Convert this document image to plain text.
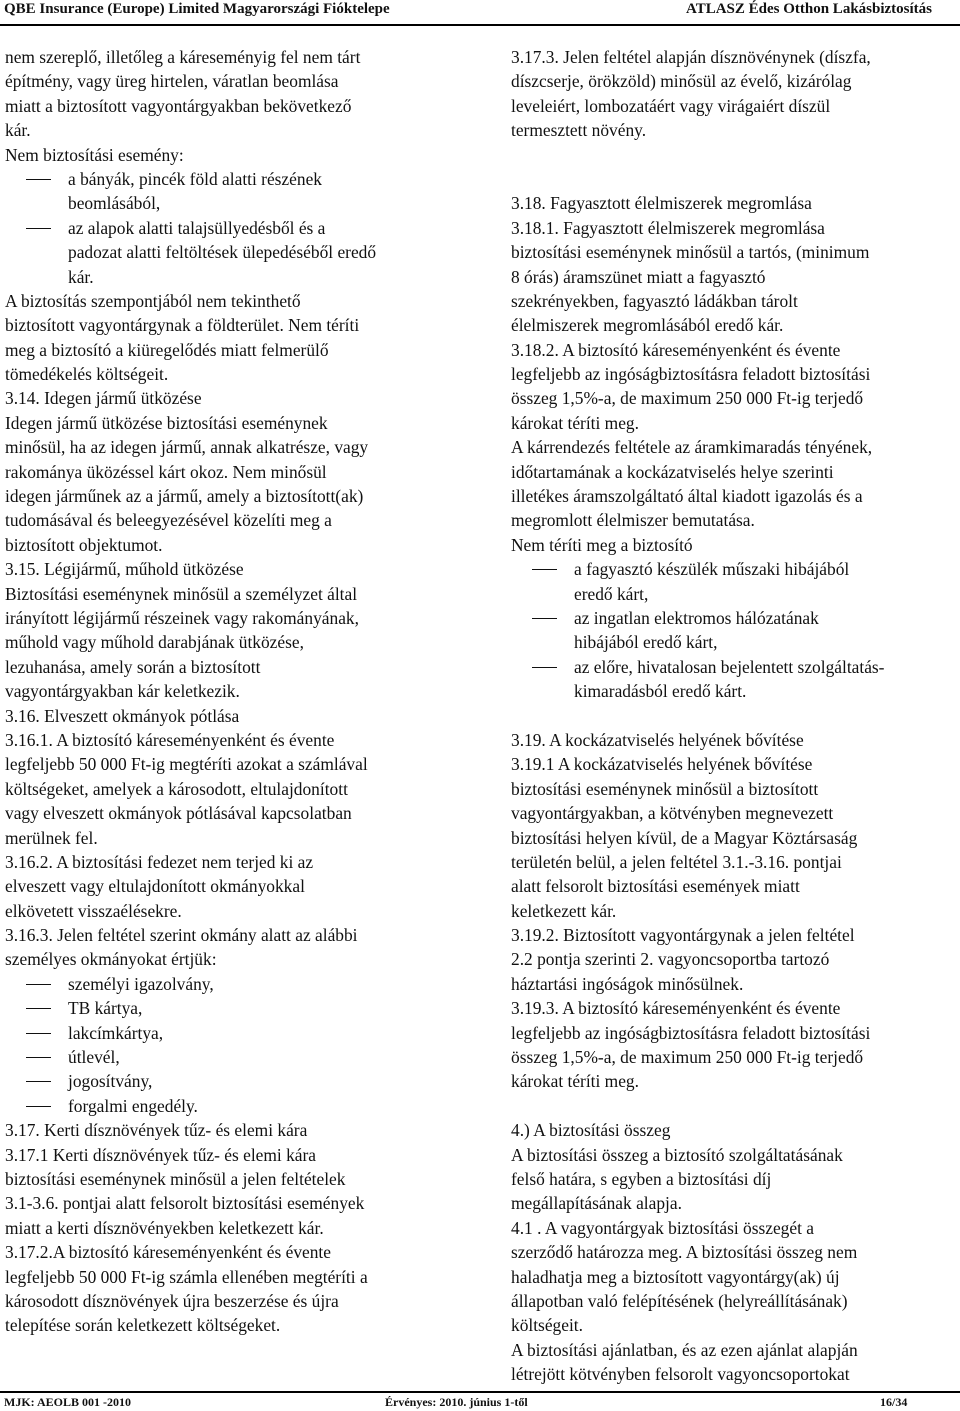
QBE Insurance (Europe) Limited Magyarországi Fióktelepe	ATLASZ Édes Otthon Lakásbiztosítás
nem szereplő, illetőleg a káreseményig fel nem tárt
építmény, vagy üreg hirtelen, váratlan beomlása
miatt a biztosított vagyontárgyakban bekövetkező
kár.
Nem biztosítási esemény:
a bányák, pincék föld alatti részének
beomlásából,
az alapok alatti talajsüllyedésből és a
padozat alatti feltöltések ülepedéséből eredő
kár.
A biztosítás szempontjából nem tekinthető
biztosított vagyontárgynak a földterület. Nem téríti
meg a biztosító a kiüregelődés miatt felmerülő
tömedékelés költségeit.
3.14. Idegen jármű ütközése
Idegen jármű ütközése biztosítási eseménynek
minősül, ha az idegen jármű, annak alkatrésze, vagy
rakománya üközéssel kárt okoz. Nem minősül
idegen járműnek az a jármű, amely a biztosított(ak)
tudomásával és beleegyezésével közelíti meg a
biztosított objektumot.
3.15. Légijármű, műhold ütközése
Biztosítási eseménynek minősül a személyzet által
irányított légijármű részeinek vagy rakományának,
műhold vagy műhold darabjának ütközése,
lezuhanása, amely során a biztosított
vagyontárgyakban kár keletkezik.
3.16. Elveszett okmányok pótlása
3.16.1. A biztosító káreseményenként és évente
legfeljebb 50 000 Ft-ig megtéríti azokat a számlával
költségeket, amelyek a károsodott, eltulajdonított
vagy elveszett okmányok pótlásával kapcsolatban
merülnek fel.
3.16.2. A biztosítási fedezet nem terjed ki az
elveszett vagy eltulajdonított okmányokkal
elkövetett visszaélésekre.
3.16.3. Jelen feltétel szerint okmány alatt az alábbi
személyes okmányokat értjük:
személyi igazolvány,
TB kártya,
lakcímkártya,
útlevél,
jogosítvány,
forgalmi engedély.
3.17. Kerti dísznövények tűz- és elemi kára
3.17.1 Kerti dísznövények tűz- és elemi kára
biztosítási eseménynek minősül a jelen feltételek
3.1-3.6. pontjai alatt felsorolt biztosítási események
miatt a kerti dísznövényekben keletkezett kár.
3.17.2.A biztosító káreseményenként és évente
legfeljebb 50 000 Ft-ig számla ellenében megtéríti a
károsodott dísznövények újra beszerzése és újra
telepítése során keletkezett költségeket.
3.17.3. Jelen feltétel alapján dísznövénynek (díszfa,
díszcserje, örökzöld) minősül az évelő, kizárólag
leveleiért, lombozatáért vagy virágaiért díszül
termesztett növény.
3.18. Fagyasztott élelmiszerek megromlása
3.18.1. Fagyasztott élelmiszerek megromlása
biztosítási eseménynek minősül a tartós, (minimum
8 órás) áramszünet miatt a fagyasztó
szekrényekben, fagyasztó ládákban tárolt
élelmiszerek megromlásából eredő kár.
3.18.2. A biztosító káreseményenként és évente
legfeljebb az ingóságbiztosításra feladott biztosítási
összeg 1,5%-a, de maximum 250 000 Ft-ig terjedő
károkat téríti meg.
A kárrendezés feltétele az áramkimaradás tényének,
időtartamának a kockázatviselés helye szerinti
illetékes áramszolgáltató által kiadott igazolás és a
megromlott élelmiszer bemutatása.
Nem téríti meg a biztosító
a fagyasztó készülék műszaki hibájából
eredő kárt,
az ingatlan elektromos hálózatának
hibájából eredő kárt,
az előre, hivatalosan bejelentett szolgáltatás-
kimaradásból eredő kárt.
3.19. A kockázatviselés helyének bővítése
3.19.1 A kockázatviselés helyének bővítése
biztosítási eseménynek minősül a biztosított
vagyontárgyakban, a kötvényben megnevezett
biztosítási helyen kívül, de a Magyar Köztársaság
területén belül, a jelen feltétel 3.1.-3.16. pontjai
alatt felsorolt biztosítási események miatt
keletkezett kár.
3.19.2. Biztosított vagyontárgynak a jelen feltétel
2.2 pontja szerinti 2. vagyoncsoportba tartozó
háztartási ingóságok minősülnek.
3.19.3. A biztosító káreseményenként és évente
legfeljebb az ingóságbiztosításra feladott biztosítási
összeg 1,5%-a, de maximum 250 000 Ft-ig terjedő
károkat téríti meg.
4.) A biztosítási összeg
A biztosítási összeg a biztosító szolgáltatásának
felső határa, s egyben a biztosítási díj
megállapításának alapja.
4.1 . A vagyontárgyak biztosítási összegét a
szerződő határozza meg. A biztosítási összeg nem
haladhatja meg a biztosított vagyontárgy(ak) új
állapotban való felépítésének (helyreállításának)
költségeit.
A biztosítási ajánlatban, és az ezen ajánlat alapján
létrejött kötvényben felsorolt vagyoncsoportokat
MJK: AEOLB 001 -2010	Érvényes: 2010. június 1-től	16/34
